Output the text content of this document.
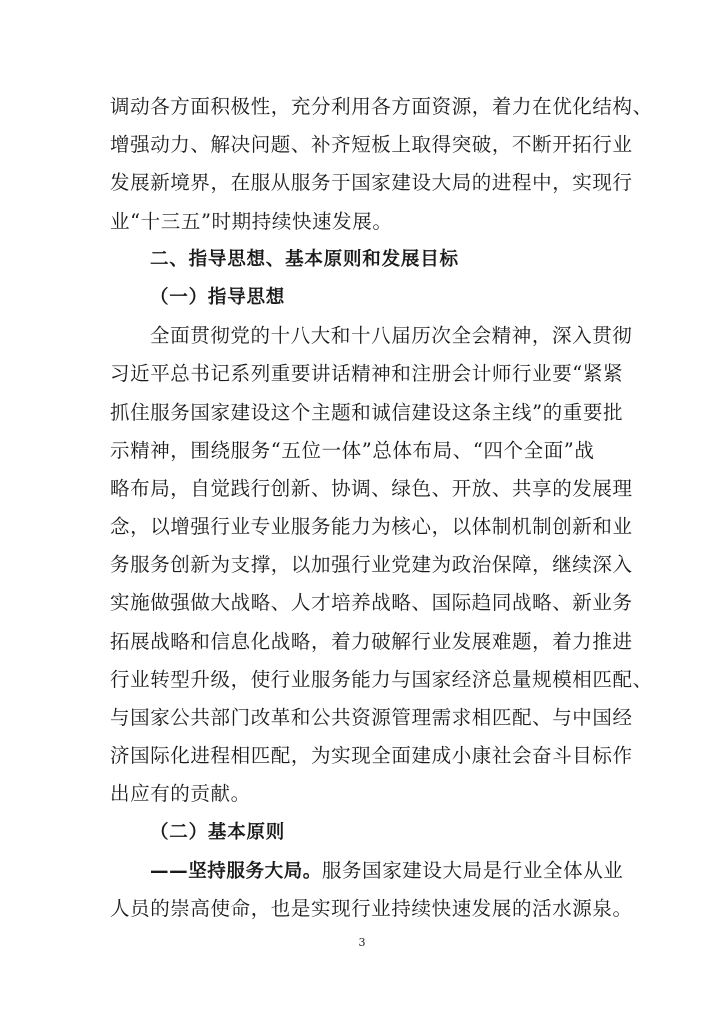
调动各方面积极性，充分利用各方面资源，着力在优化结构、
增强动力、解决问题、补齐短板上取得突破，不断开拓行业
发展新境界，在服从服务于国家建设大局的进程中，实现行
业“十三五”时期持续快速发展。
二、指导思想、基本原则和发展目标
（一）指导思想
全面贯彻党的十八大和十八届历次全会精神，深入贯彻
习近平总书记系列重要讲话精神和注册会计师行业要“紧紧
抓住服务国家建设这个主题和诚信建设这条主线”的重要批
示精神，围绕服务“五位一体”总体布局、“四个全面”战
略布局，自觉践行创新、协调、绿色、开放、共享的发展理
念，以增强行业专业服务能力为核心，以体制机制创新和业
务服务创新为支撑，以加强行业党建为政治保障，继续深入
实施做强做大战略、人才培养战略、国际趋同战略、新业务
拓展战略和信息化战略，着力破解行业发展难题，着力推进
行业转型升级，使行业服务能力与国家经济总量规模相匹配、
与国家公共部门改革和公共资源管理需求相匹配、与中国经
济国际化进程相匹配，为实现全面建成小康社会奋斗目标作
出应有的贡献。
（二）基本原则
——坚持服务大局。服务国家建设大局是行业全体从业
人员的崇高使命，也是实现行业持续快速发展的活水源泉。
3
